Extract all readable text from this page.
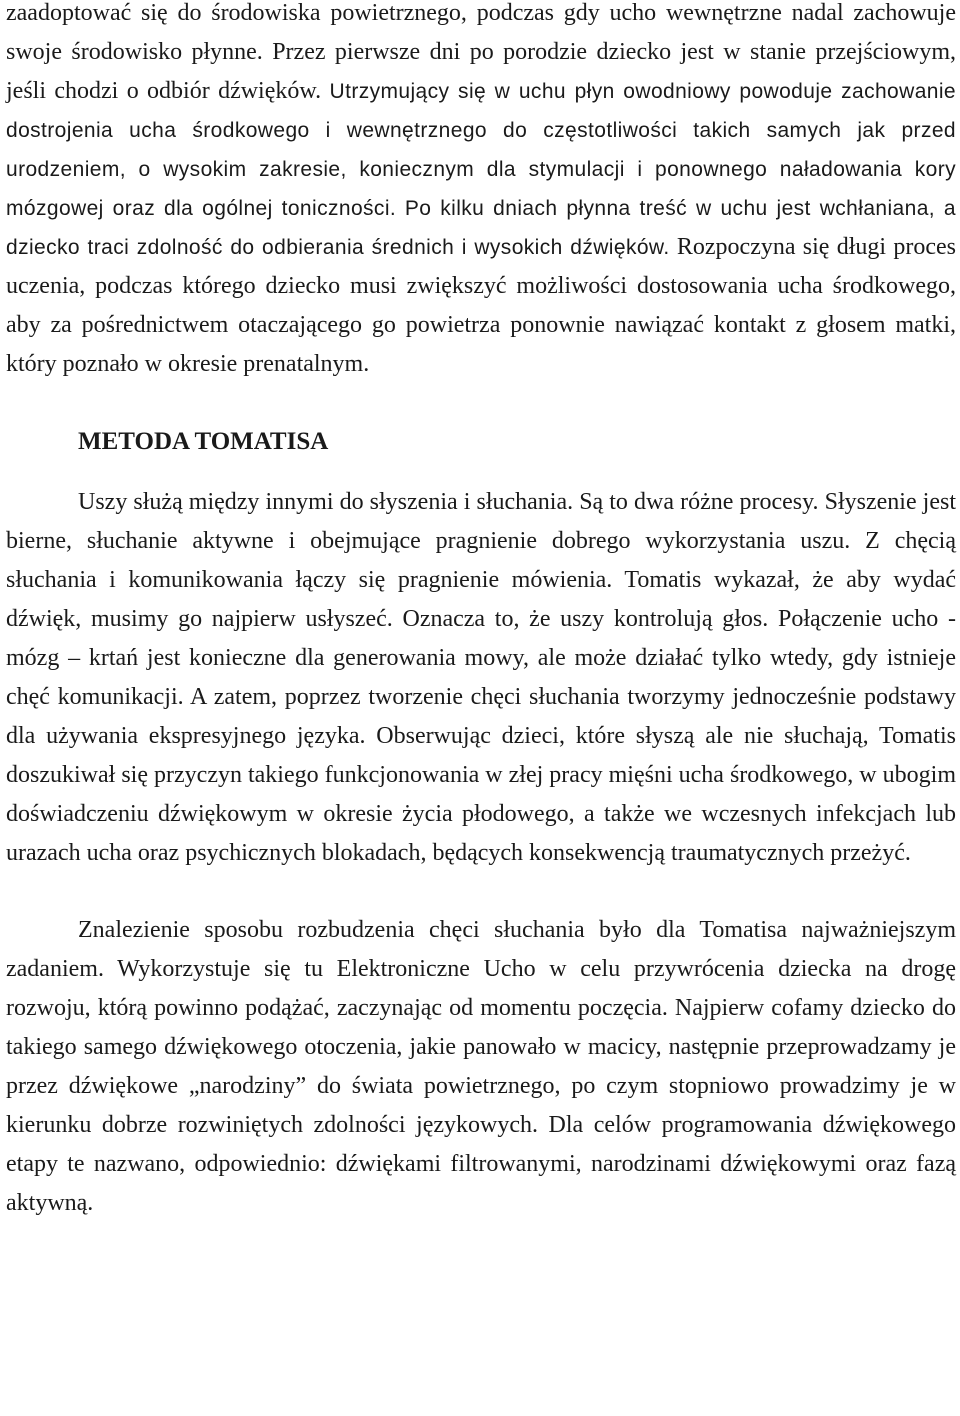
zaadoptować się do środowiska powietrznego, podczas gdy ucho wewnętrzne nadal zachowuje swoje środowisko płynne. Przez pierwsze dni po porodzie dziecko jest w stanie przejściowym, jeśli chodzi o odbiór dźwięków. Utrzymujący się w uchu płyn owodniowy powoduje zachowanie dostrojenia ucha środkowego i wewnętrznego do częstotliwości takich samych jak przed urodzeniem, o wysokim zakresie, koniecznym dla stymulacji i ponownego naładowania kory mózgowej oraz dla ogólnej toniczności. Po kilku dniach płynna treść w uchu jest wchłaniana, a dziecko traci zdolność do odbierania średnich i wysokich dźwięków. Rozpoczyna się długi proces uczenia, podczas którego dziecko musi zwiększyć możliwości dostosowania ucha środkowego, aby za pośrednictwem otaczającego go powietrza ponownie nawiązać kontakt z głosem matki, który poznało w okresie prenatalnym.

METODA TOMATISA

Uszy służą między innymi do słyszenia i słuchania. Są to dwa różne procesy. Słyszenie jest bierne, słuchanie aktywne i obejmujące pragnienie dobrego wykorzystania uszu. Z chęcią słuchania i komunikowania łączy się pragnienie mówienia. Tomatis wykazał, że aby wydać dźwięk, musimy go najpierw usłyszeć. Oznacza to, że uszy kontrolują głos. Połączenie ucho - mózg – krtań jest konieczne dla generowania mowy, ale może działać tylko wtedy, gdy istnieje chęć komunikacji. A zatem, poprzez tworzenie chęci słuchania tworzymy jednocześnie podstawy dla używania ekspresyjnego języka. Obserwując dzieci, które słyszą ale nie słuchają, Tomatis doszukiwał się przyczyn takiego funkcjonowania w złej pracy mięśni ucha środkowego, w ubogim doświadczeniu dźwiękowym w okresie życia płodowego, a także we wczesnych infekcjach lub urazach ucha oraz psychicznych blokadach, będących konsekwencją traumatycznych przeżyć.

Znalezienie sposobu rozbudzenia chęci słuchania było dla Tomatisa najważniejszym zadaniem. Wykorzystuje się tu Elektroniczne Ucho w celu przywrócenia dziecka na drogę rozwoju, którą powinno podążać, zaczynając od momentu poczęcia. Najpierw cofamy dziecko do takiego samego dźwiękowego otoczenia, jakie panowało w macicy, następnie przeprowadzamy je przez dźwiękowe „narodziny” do świata powietrznego, po czym stopniowo prowadzimy je w kierunku dobrze rozwiniętych zdolności językowych. Dla celów programowania dźwiękowego etapy te nazwano, odpowiednio: dźwiękami filtrowanymi, narodzinami dźwiękowymi oraz fazą aktywną.
